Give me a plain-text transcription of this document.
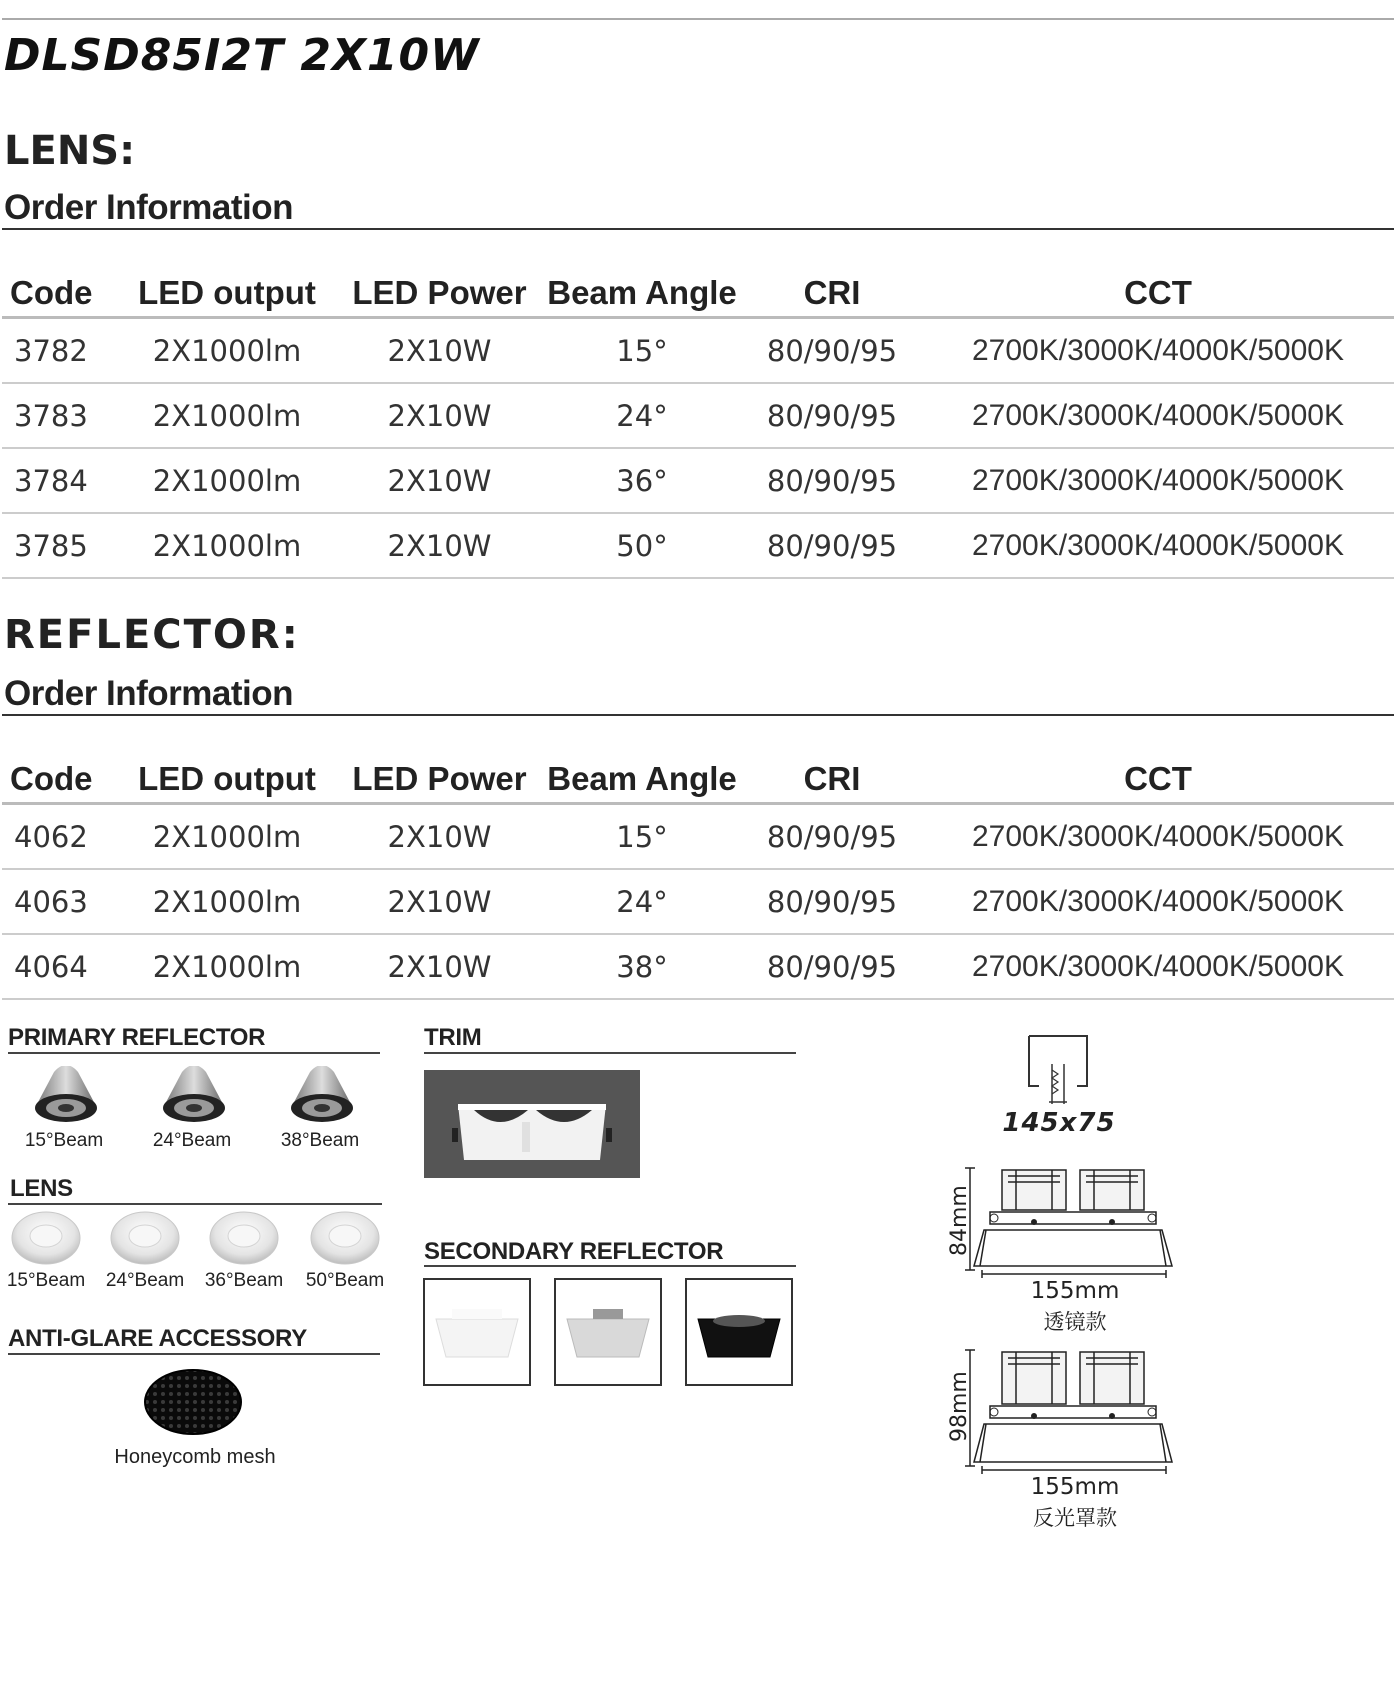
DLSD85I2T 2X10W
LENS:
Order Information
Code	LED output	LED Power	Beam Angle	CRI	CCT
3782	2X1000lm	2X10W	15°	80/90/95	2700K/3000K/4000K/5000K
3783	2X1000lm	2X10W	24°	80/90/95	2700K/3000K/4000K/5000K
3784	2X1000lm	2X10W	36°	80/90/95	2700K/3000K/4000K/5000K
3785	2X1000lm	2X10W	50°	80/90/95	2700K/3000K/4000K/5000K
REFLECTOR:
Order Information
Code	LED output	LED Power	Beam Angle	CRI	CCT
4062	2X1000lm	2X10W	15°	80/90/95	2700K/3000K/4000K/5000K
4063	2X1000lm	2X10W	24°	80/90/95	2700K/3000K/4000K/5000K
4064	2X1000lm	2X10W	38°	80/90/95	2700K/3000K/4000K/5000K
PRIMARY REFLECTOR
15°Beam	24°Beam	38°Beam
LENS
15°Beam	24°Beam	36°Beam	50°Beam
ANTI-GLARE ACCESSORY
Honeycomb mesh
TRIM
SECONDARY REFLECTOR
145x75
84mm
155mm
透镜款
98mm
155mm
反光罩款
